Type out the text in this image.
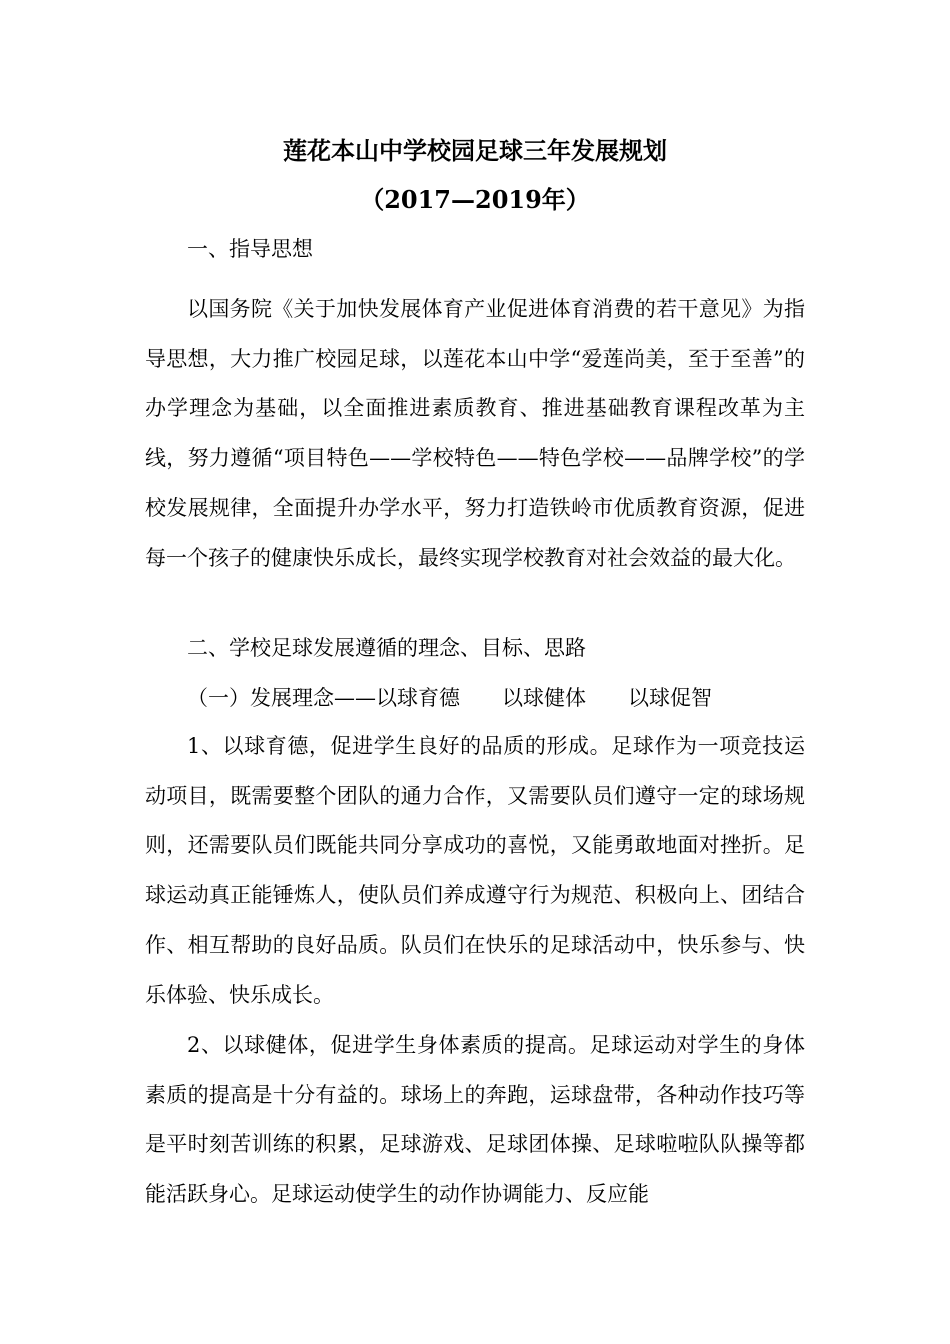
莲花本山中学校园足球三年发展规划
（2017—2019年）

一、指导思想

以国务院《关于加快发展体育产业促进体育消费的若干意见》为指导思想，大力推广校园足球，以莲花本山中学“爱莲尚美，至于至善”的办学理念为基础，以全面推进素质教育、推进基础教育课程改革为主线，努力遵循“项目特色——学校特色——特色学校——品牌学校”的学校发展规律，全面提升办学水平，努力打造铁岭市优质教育资源，促进每一个孩子的健康快乐成长，最终实现学校教育对社会效益的最大化。

二、学校足球发展遵循的理念、目标、思路

（一）发展理念——以球育德　　以球健体　　以球促智

1、以球育德，促进学生良好的品质的形成。足球作为一项竞技运动项目，既需要整个团队的通力合作，又需要队员们遵守一定的球场规则，还需要队员们既能共同分享成功的喜悦，又能勇敢地面对挫折。足球运动真正能锤炼人，使队员们养成遵守行为规范、积极向上、团结合作、相互帮助的良好品质。队员们在快乐的足球活动中，快乐参与、快乐体验、快乐成长。

2、以球健体，促进学生身体素质的提高。足球运动对学生的身体素质的提高是十分有益的。球场上的奔跑，运球盘带，各种动作技巧等是平时刻苦训练的积累，足球游戏、足球团体操、足球啦啦队队操等都能活跃身心。足球运动使学生的动作协调能力、反应能
